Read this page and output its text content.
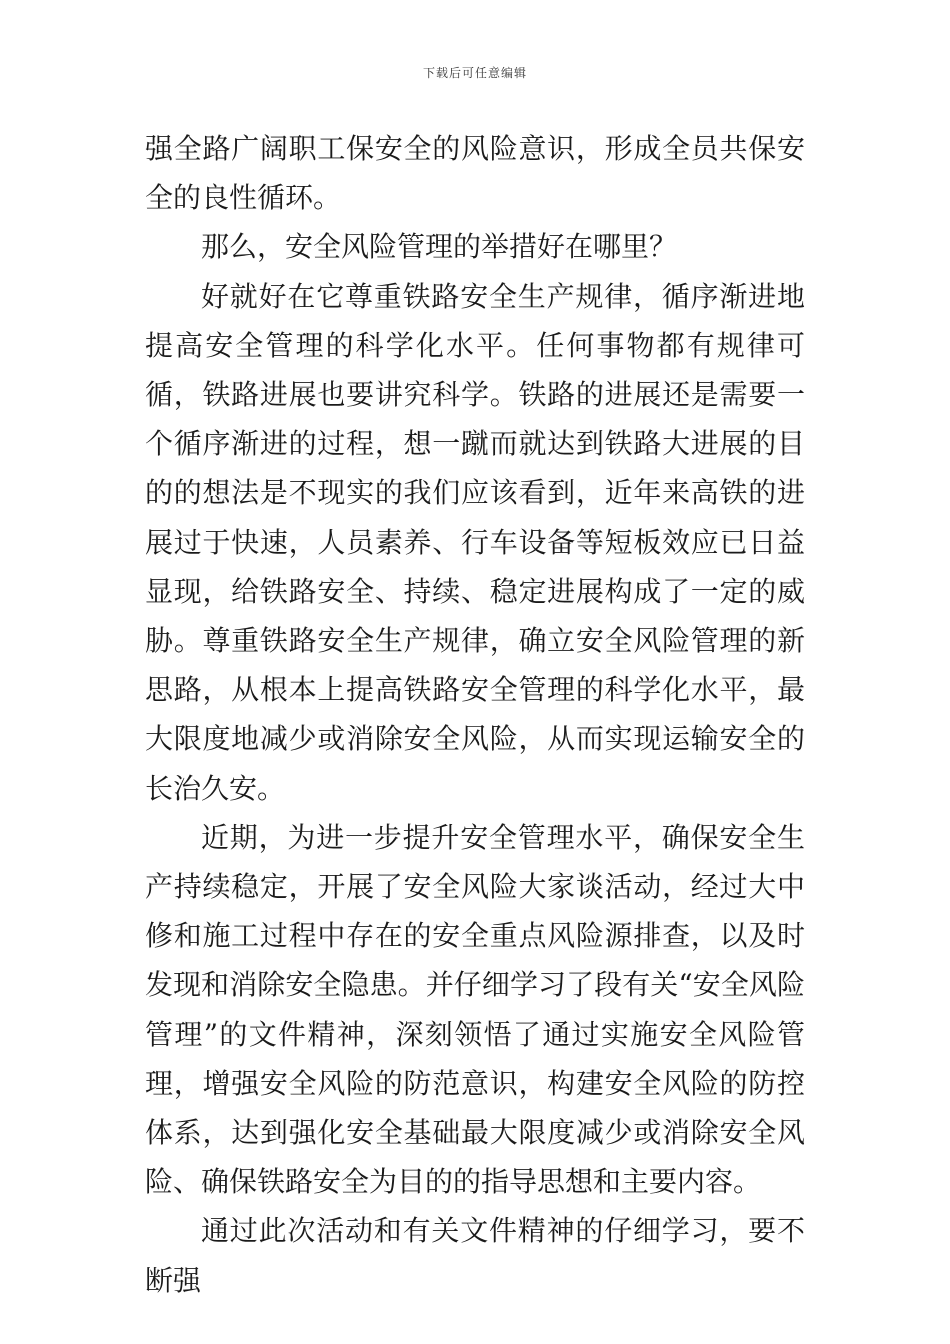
下载后可任意编辑

强全路广阔职工保安全的风险意识，形成全员共保安全的良性循环。

那么，安全风险管理的举措好在哪里？

好就好在它尊重铁路安全生产规律，循序渐进地提高安全管理的科学化水平。任何事物都有规律可循，铁路进展也要讲究科学。铁路的进展还是需要一个循序渐进的过程，想一蹴而就达到铁路大进展的目的的想法是不现实的我们应该看到，近年来高铁的进展过于快速，人员素养、行车设备等短板效应已日益显现，给铁路安全、持续、稳定进展构成了一定的威胁。尊重铁路安全生产规律，确立安全风险管理的新思路，从根本上提高铁路安全管理的科学化水平，最大限度地减少或消除安全风险，从而实现运输安全的长治久安。

近期，为进一步提升安全管理水平，确保安全生产持续稳定，开展了安全风险大家谈活动，经过大中修和施工过程中存在的安全重点风险源排查，以及时发现和消除安全隐患。并仔细学习了段有关“安全风险管理”的文件精神，深刻领悟了通过实施安全风险管理，增强安全风险的防范意识，构建安全风险的防控体系，达到强化安全基础最大限度减少或消除安全风险、确保铁路安全为目的的指导思想和主要内容。

通过此次活动和有关文件精神的仔细学习，要不断强
